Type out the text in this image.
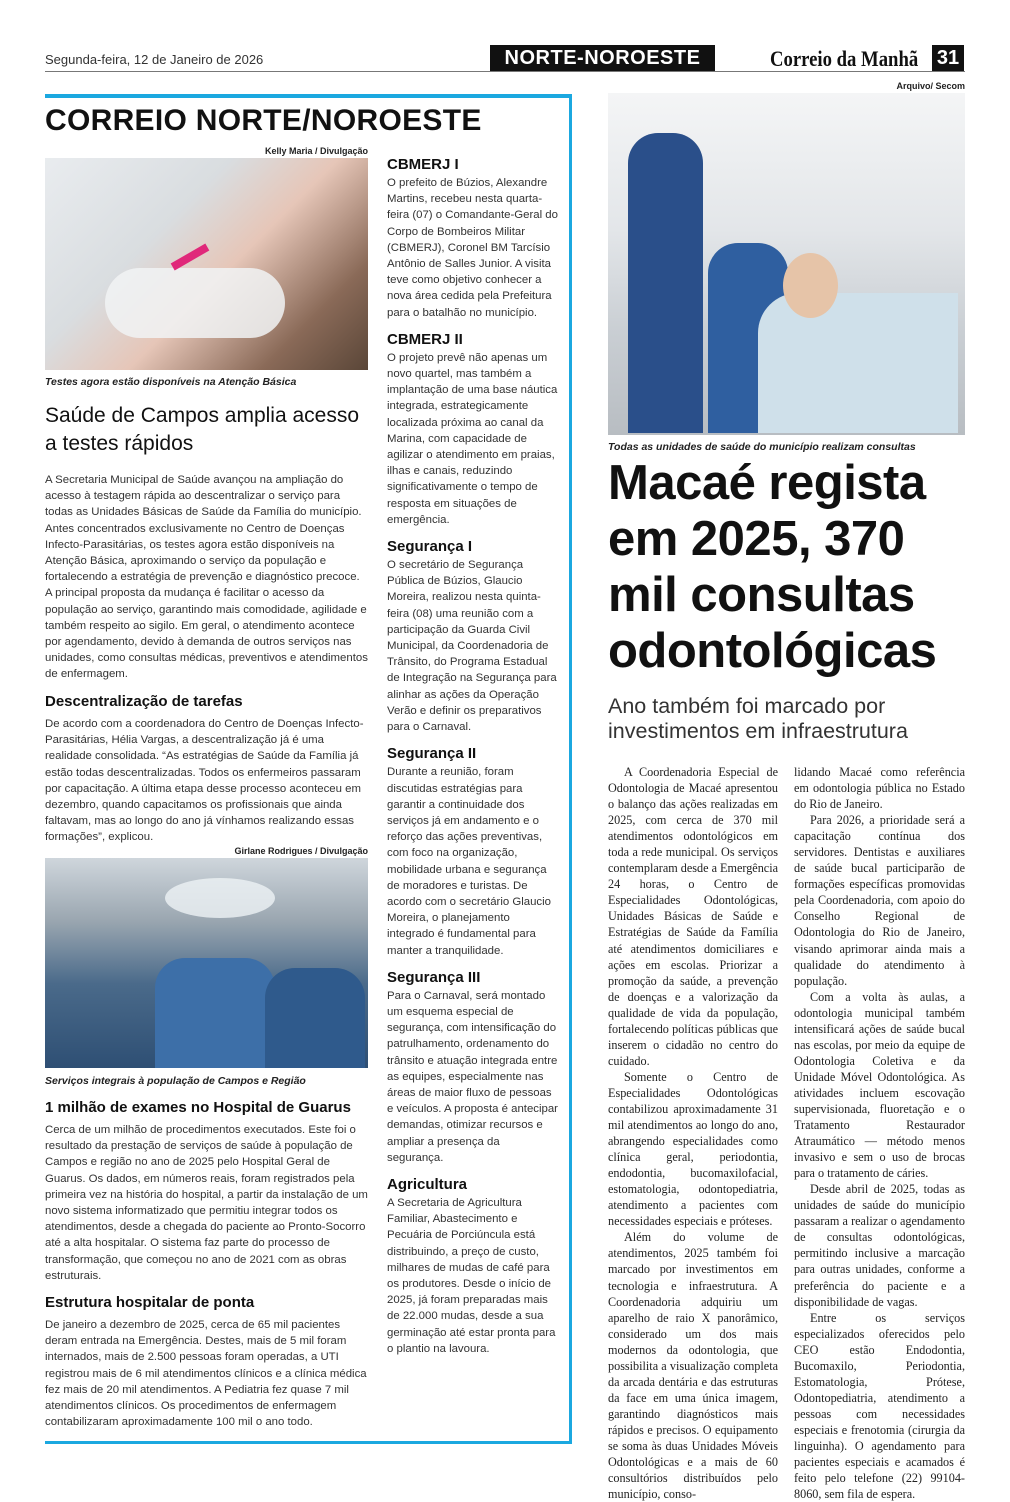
Segunda-feira, 12 de Janeiro de 2026	NORTE-NOROESTE	Correio da Manhã 31
CORREIO NORTE/NOROESTE
Kelly Maria / Divulgação
Testes agora estão disponíveis na Atenção Básica
Saúde de Campos amplia acesso a testes rápidos
A Secretaria Municipal de Saúde avançou na ampliação do acesso à testagem rápida ao descentralizar o serviço para todas as Unidades Básicas de Saúde da Família do município. Antes concentrados exclusivamente no Centro de Doenças Infecto-Parasitárias, os testes agora estão disponíveis na Atenção Básica, aproximando o serviço da população e fortalecendo a estratégia de prevenção e diagnóstico precoce. A principal proposta da mudança é facilitar o acesso da população ao serviço, garantindo mais comodidade, agilidade e também respeito ao sigilo. Em geral, o atendimento acontece por agendamento, devido à demanda de outros serviços nas unidades, como consultas médicas, preventivos e atendimentos de enfermagem.
Descentralização de tarefas
De acordo com a coordenadora do Centro de Doenças Infecto-Parasitárias, Hélia Vargas, a descentralização já é uma realidade consolidada. “As estratégias de Saúde da Família já estão todas descentralizadas. Todos os enfermeiros passaram por capacitação. A última etapa desse processo aconteceu em dezembro, quando capacitamos os profissionais que ainda faltavam, mas ao longo do ano já vínhamos realizando essas formações”, explicou.
Girlane Rodrigues / Divulgação
Serviços integrais à população de Campos e Região
1 milhão de exames no Hospital de Guarus
Cerca de um milhão de procedimentos executados. Este foi o resultado da prestação de serviços de saúde à população de Campos e região no ano de 2025 pelo Hospital Geral de Guarus. Os dados, em números reais, foram registrados pela primeira vez na história do hospital, a partir da instalação de um novo sistema informatizado que permitiu integrar todos os atendimentos, desde a chegada do paciente ao Pronto-Socorro até a alta hospitalar. O sistema faz parte do processo de transformação, que começou no ano de 2021 com as obras estruturais.
Estrutura hospitalar de ponta
De janeiro a dezembro de 2025, cerca de 65 mil pacientes deram entrada na Emergência. Destes, mais de 5 mil foram internados, mais de 2.500 pessoas foram operadas, a UTI registrou mais de 6 mil atendimentos clínicos e a clínica médica fez mais de 20 mil atendimentos. A Pediatria fez quase 7 mil atendimentos clínicos. Os procedimentos de enfermagem contabilizaram aproximadamente 100 mil o ano todo.
CBMERJ I
O prefeito de Búzios, Alexandre Martins, recebeu nesta quarta-feira (07) o Comandante-Geral do Corpo de Bombeiros Militar (CBMERJ), Coronel BM Tarcísio Antônio de Salles Junior. A visita teve como objetivo conhecer a nova área cedida pela Prefeitura para o batalhão no município.
CBMERJ II
O projeto prevê não apenas um novo quartel, mas também a implantação de uma base náutica integrada, estrategicamente localizada próxima ao canal da Marina, com capacidade de agilizar o atendimento em praias, ilhas e canais, reduzindo significativamente o tempo de resposta em situações de emergência.
Segurança I
O secretário de Segurança Pública de Búzios, Glaucio Moreira, realizou nesta quinta-feira (08) uma reunião com a participação da Guarda Civil Municipal, da Coordenadoria de Trânsito, do Programa Estadual de Integração na Segurança para alinhar as ações da Operação Verão e definir os preparativos para o Carnaval.
Segurança II
Durante a reunião, foram discutidas estratégias para garantir a continuidade dos serviços já em andamento e o reforço das ações preventivas, com foco na organização, mobilidade urbana e segurança de moradores e turistas. De acordo com o secretário Glaucio Moreira, o planejamento integrado é fundamental para manter a tranquilidade.
Segurança III
Para o Carnaval, será montado um esquema especial de segurança, com intensificação do patrulhamento, ordenamento do trânsito e atuação integrada entre as equipes, especialmente nas áreas de maior fluxo de pessoas e veículos. A proposta é antecipar demandas, otimizar recursos e ampliar a presença da segurança.
Agricultura
A Secretaria de Agricultura Familiar, Abastecimento e Pecuária de Porciúncula está distribuindo, a preço de custo, milhares de mudas de café para os produtores. Desde o início de 2025, já foram preparadas mais de 22.000 mudas, desde a sua germinação até estar pronta para o plantio na lavoura.
Arquivo/ Secom
Todas as unidades de saúde do município realizam consultas
Macaé regista em 2025, 370 mil consultas odontológicas
Ano também foi marcado por investimentos em infraestrutura

A Coordenadoria Especial de Odontologia de Macaé apresentou o balanço das ações realizadas em 2025, com cerca de 370 mil atendimentos odontológicos em toda a rede municipal. Os serviços contemplaram desde a Emergência 24 horas, o Centro de Especialidades Odontológicas, Unidades Básicas de Saúde e Estratégias de Saúde da Família até atendimentos domiciliares e ações em escolas. Priorizar a promoção da saúde, a prevenção de doenças e a valorização da qualidade de vida da população, fortalecendo políticas públicas que inserem o cidadão no centro do cuidado.

Somente o Centro de Especialidades Odontológicas contabilizou aproximadamente 31 mil atendimentos ao longo do ano, abrangendo especialidades como clínica geral, periodontia, endodontia, bucomaxilofacial, estomatologia, odontopediatria, atendimento a pacientes com necessidades especiais e próteses.

Além do volume de atendimentos, 2025 também foi marcado por investimentos em tecnologia e infraestrutura. A Coordenadoria adquiriu um aparelho de raio X panorâmico, considerado um dos mais modernos da odontologia, que possibilita a visualização completa da arcada dentária e das estruturas da face em uma única imagem, garantindo diagnósticos mais rápidos e precisos. O equipamento se soma às duas Unidades Móveis Odontológicas e a mais de 60 consultórios distribuídos pelo município, conso-

lidando Macaé como referência em odontologia pública no Estado do Rio de Janeiro.

Para 2026, a prioridade será a capacitação contínua dos servidores. Dentistas e auxiliares de saúde bucal participarão de formações específicas promovidas pela Coordenadoria, com apoio do Conselho Regional de Odontologia do Rio de Janeiro, visando aprimorar ainda mais a qualidade do atendimento à população.

Com a volta às aulas, a odontologia municipal também intensificará ações de saúde bucal nas escolas, por meio da equipe de Odontologia Coletiva e da Unidade Móvel Odontológica. As atividades incluem escovação supervisionada, fluoretação e o Tratamento Restaurador Atraumático — método menos invasivo e sem o uso de brocas para o tratamento de cáries.

Desde abril de 2025, todas as unidades de saúde do município passaram a realizar o agendamento de consultas odontológicas, permitindo inclusive a marcação para outras unidades, conforme a preferência do paciente e a disponibilidade de vagas.

Entre os serviços especializados oferecidos pelo CEO estão Endodontia, Bucomaxilo, Periodontia, Estomatologia, Prótese, Odontopediatria, atendimento a pessoas com necessidades especiais e frenotomia (cirurgia da linguinha). O agendamento para pacientes especiais e acamados é feito pelo telefone (22) 99104-8060, sem fila de espera.
